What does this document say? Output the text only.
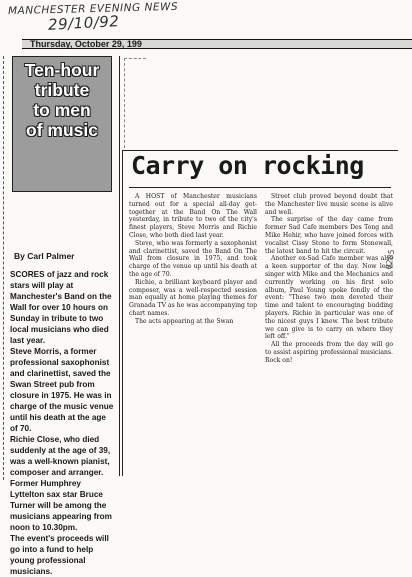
MANCHESTER EVENING NEWS
29/10/92
Thursday, October 29, 199
Ten-hour
tribute
to men
of music
By Carl Palmer

SCORES of jazz and rock stars will play at Manchester's Band on the Wall for over 10 hours on Sunday in tribute to two local musicians who died last year.

Steve Morris, a former professional saxophonist and clarinettist, saved the Swan Street pub from closure in 1975. He was in charge of the music venue until his death at the age of 70.

Richie Close, who died suddenly at the age of 39, was a well-known pianist, composer and arranger.

Former Humphrey Lyttelton sax star Bruce Turner will be among the musicians appearing from noon to 10.30pm.

The event's proceeds will go into a fund to help young professional musicians.

Carry on rocking

A HOST of Manchester musicians turned out for a special all-day get-together at the Band On The Wall yesterday, in tribute to two of the city's finest players, Steve Morris and Richie Close, who both died last year.

Steve, who was formerly a saxophonist and clarinettist, saved the Band On The Wall from closure in 1975, and took charge of the venue up until his death at the age of 70.

Richie, a brilliant keyboard player and composer, was a well-respected session man equally at home playing themes for Granada TV as he was accompanying top chart names.

The acts appearing at the Swan

Street club proved beyond doubt that the Manchester live music scene is alive and well.

The surprise of the day came from former Sad Cafe members Des Tong and Mike Hehir, who have joined forces with vocalist Cissy Stone to form Stonewall, the latest band to hit the circuit.

Another ex-Sad Cafe member was also a keen supporter of the day. Now lead singer with Mike and the Mechanics and currently working on his first solo album, Paul Young spoke fondly of the event: "These two men devoted their time and talent to encouraging budding players. Richie in particular was one of the nicest guys I knew. The best tribute we can give is to carry on where they left off."

All the proceeds from the day will go to assist aspiring professional musicians. Rock on!

0285
